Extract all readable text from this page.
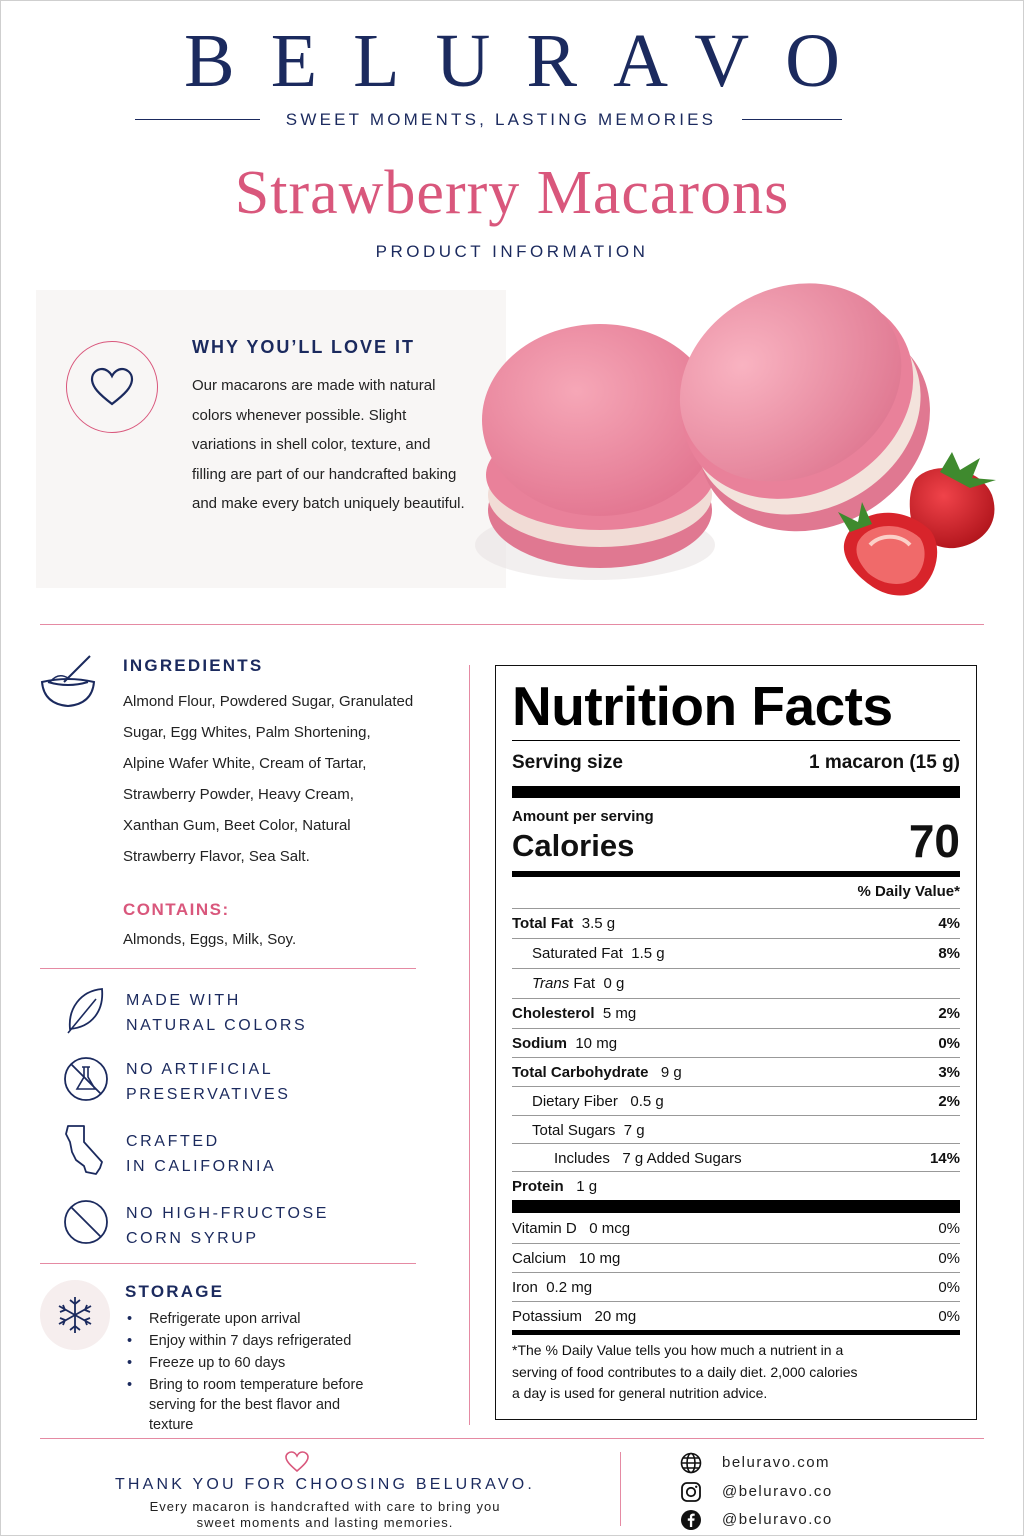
BELURAVO
SWEET MOMENTS, LASTING MEMORIES
Strawberry Macarons
PRODUCT INFORMATION
WHY YOU’LL LOVE IT
Our macarons are made with natural
colors whenever possible. Slight
variations in shell color, texture, and
filling are part of our handcrafted baking
and make every batch uniquely beautiful.
INGREDIENTS
Almond Flour, Powdered Sugar, Granulated
Sugar, Egg Whites, Palm Shortening,
Alpine Wafer White, Cream of Tartar,
Strawberry Powder, Heavy Cream,
Xanthan Gum, Beet Color, Natural
Strawberry Flavor, Sea Salt.
CONTAINS:
Almonds, Eggs, Milk, Soy.
MADE WITH
NATURAL COLORS
NO ARTIFICIAL
PRESERVATIVES
CRAFTED
IN CALIFORNIA
NO HIGH-FRUCTOSE
CORN SYRUP
STORAGE
• Refrigerate upon arrival
• Enjoy within 7 days refrigerated
• Freeze up to 60 days
• Bring to room temperature before serving for the best flavor and texture
Nutrition Facts
Serving size	1 macaron (15 g)
Amount per serving
Calories	70
% Daily Value*
Total Fat 3.5 g	4%
Saturated Fat 1.5 g	8%
Trans Fat 0 g
Cholesterol 5 mg	2%
Sodium 10 mg	0%
Total Carbohydrate 9 g	3%
Dietary Fiber 0.5 g	2%
Total Sugars 7 g
Includes 7 g Added Sugars	14%
Protein 1 g
Vitamin D 0 mcg	0%
Calcium 10 mg	0%
Iron 0.2 mg	0%
Potassium 20 mg	0%
*The % Daily Value tells you how much a nutrient in a
serving of food contributes to a daily diet. 2,000 calories
a day is used for general nutrition advice.
THANK YOU FOR CHOOSING BELURAVO.
Every macaron is handcrafted with care to bring you
sweet moments and lasting memories.
beluravo.com
@beluravo.co
@beluravo.co
